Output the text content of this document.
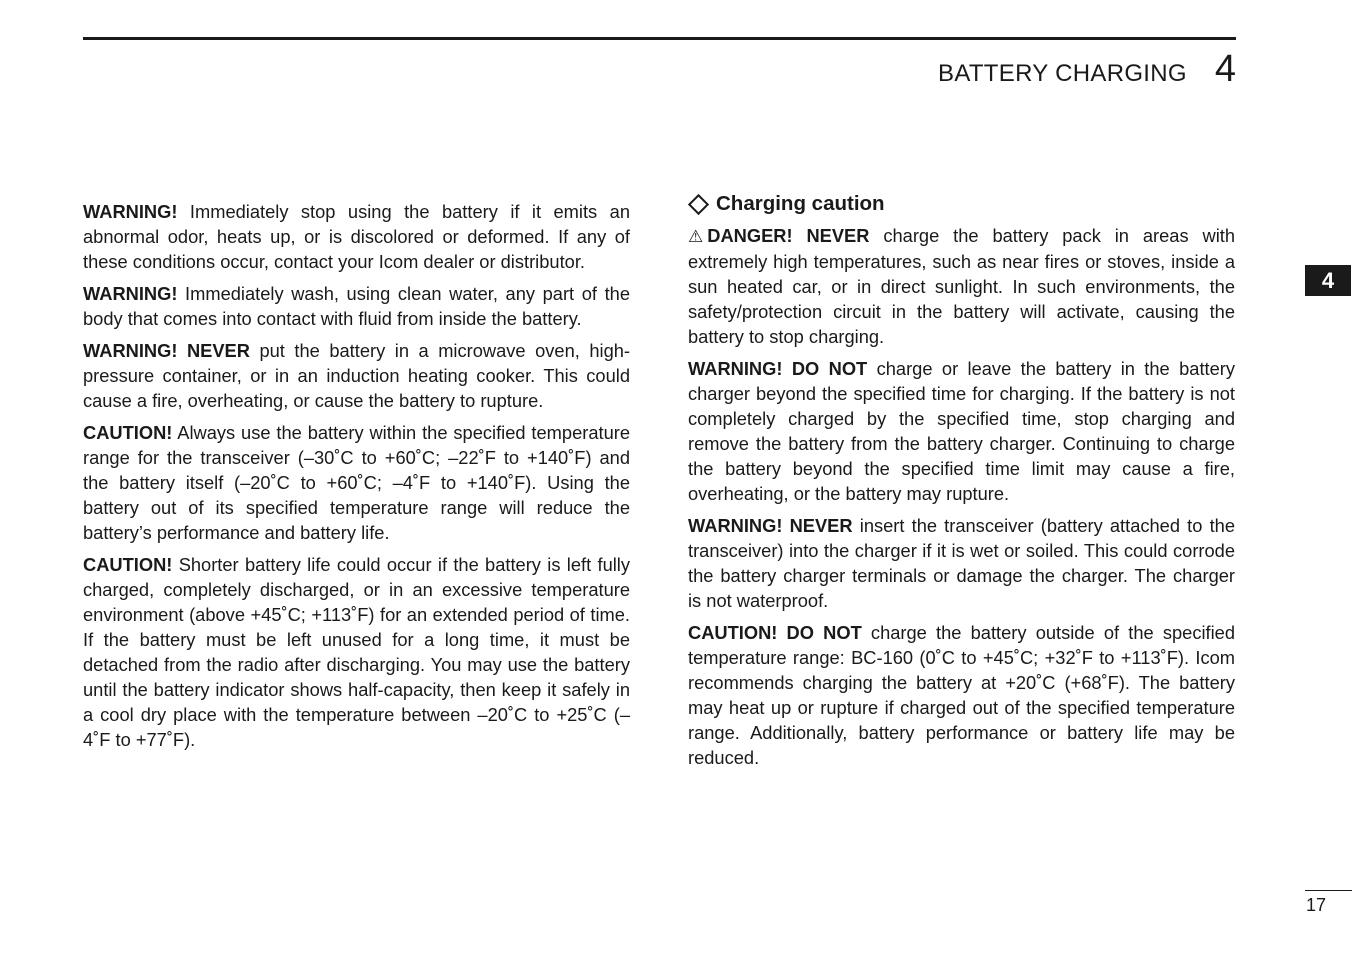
BATTERY CHARGING 4

WARNING! Immediately stop using the battery if it emits an abnormal odor, heats up, or is discolored or deformed. If any of these conditions occur, contact your Icom dealer or distributor.

WARNING! Immediately wash, using clean water, any part of the body that comes into contact with fluid from inside the battery.

WARNING! NEVER put the battery in a microwave oven, high-pressure container, or in an induction heating cooker. This could cause a fire, overheating, or cause the battery to rupture.

CAUTION! Always use the battery within the specified temperature range for the transceiver (–30˚C to +60˚C; –22˚F to +140˚F) and the battery itself (–20˚C to +60˚C; –4˚F to +140˚F). Using the battery out of its specified temperature range will reduce the battery’s performance and battery life.

CAUTION! Shorter battery life could occur if the battery is left fully charged, completely discharged, or in an excessive temperature environment (above +45˚C; +113˚F) for an extended period of time. If the battery must be left unused for a long time, it must be detached from the radio after discharging. You may use the battery until the battery indicator shows half-capacity, then keep it safely in a cool dry place with the temperature between –20˚C to +25˚C (–4˚F to +77˚F).

Charging caution

⚠ DANGER! NEVER charge the battery pack in areas with extremely high temperatures, such as near fires or stoves, inside a sun heated car, or in direct sunlight. In such environments, the safety/protection circuit in the battery will activate, causing the battery to stop charging.

WARNING! DO NOT charge or leave the battery in the battery charger beyond the specified time for charging. If the battery is not completely charged by the specified time, stop charging and remove the battery from the battery charger. Continuing to charge the battery beyond the specified time limit may cause a fire, overheating, or the battery may rupture.

WARNING! NEVER insert the transceiver (battery attached to the transceiver) into the charger if it is wet or soiled. This could corrode the battery charger terminals or damage the charger. The charger is not waterproof.

CAUTION! DO NOT charge the battery outside of the specified temperature range: BC-160 (0˚C to +45˚C; +32˚F to +113˚F). Icom recommends charging the battery at +20˚C (+68˚F). The battery may heat up or rupture if charged out of the specified temperature range. Additionally, battery performance or battery life may be reduced.

4
17
